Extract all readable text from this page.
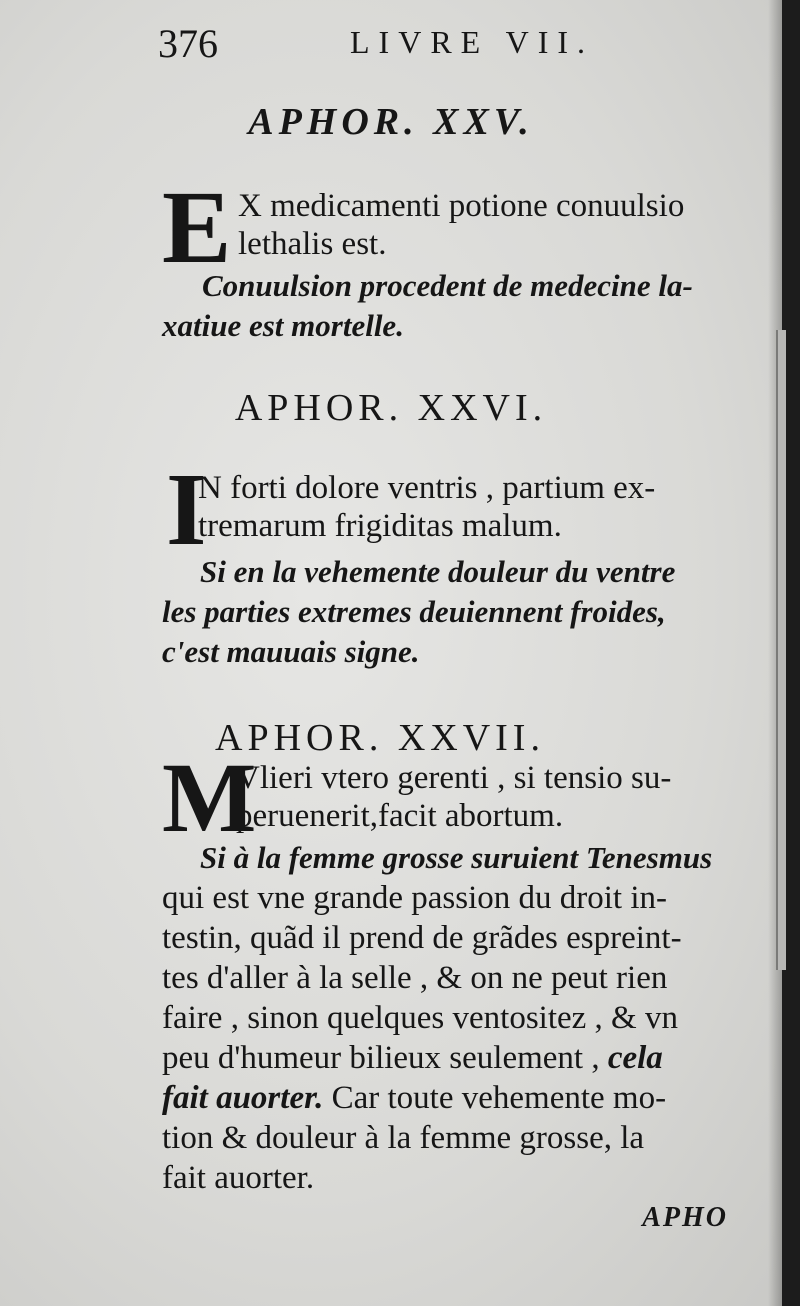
376	LIVRE VII.
APHOR. XXV.
E X medicamenti potione conuulsio
lethalis est.
Conuulsion procedent de medecine la-
xatiue est mortelle.
APHOR. XXVI.
I
N forti dolore ventris , partium ex-
tremarum frigiditas malum.
Si en la vehemente douleur du ventre
les parties extremes deuiennent froides,
c'est mauuais signe.
APHOR. XXVII.
M
Vlieri vtero gerenti , si tensio su-
peruenerit,facit abortum.
Si à la femme grosse suruient Tenesmus
qui est vne grande passion du droit in-
testin, quãd il prend de grãdes espreint-
tes d'aller à la selle , & on ne peut rien
faire , sinon quelques ventositez , & vn
peu d'humeur bilieux seulement , cela
fait auorter. Car toute vehemente mo-
tion & douleur à la femme grosse, la
fait auorter.
APHO
